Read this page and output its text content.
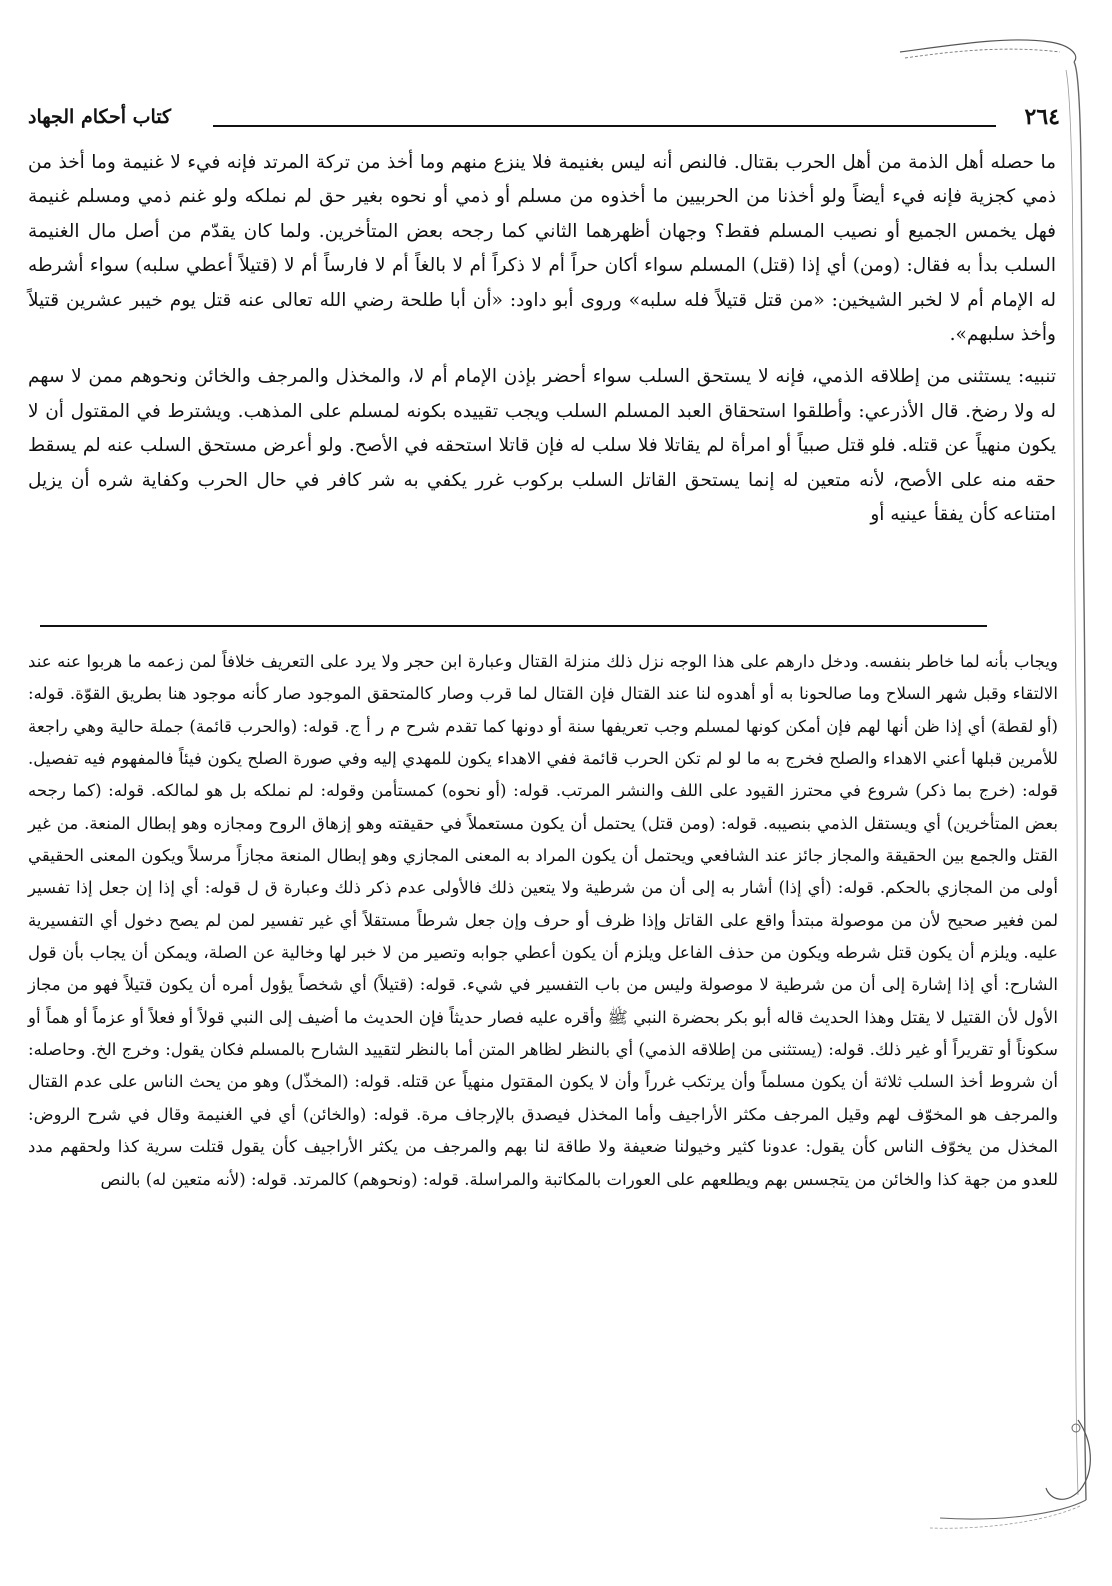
٢٦٤
كتاب أحكام الجهاد

ما حصله أهل الذمة من أهل الحرب بقتال. فالنص أنه ليس بغنيمة فلا ينزع منهم وما أخذ من تركة المرتد فإنه فيء لا غنيمة وما أخذ من ذمي كجزية فإنه فيء أيضاً ولو أخذنا من الحربيين ما أخذوه من مسلم أو ذمي أو نحوه بغير حق لم نملكه ولو غنم ذمي ومسلم غنيمة فهل يخمس الجميع أو نصيب المسلم فقط؟ وجهان أظهرهما الثاني كما رجحه بعض المتأخرين. ولما كان يقدّم من أصل مال الغنيمة السلب بدأ به فقال: (ومن) أي إذا (قتل) المسلم سواء أكان حراً أم لا ذكراً أم لا بالغاً أم لا فارساً أم لا (قتيلاً أعطي سلبه) سواء أشرطه له الإمام أم لا لخبر الشيخين: «من قتل قتيلاً فله سلبه» وروى أبو داود: «أن أبا طلحة رضي الله تعالى عنه قتل يوم خيبر عشرين قتيلاً وأخذ سلبهم».

تنبيه: يستثنى من إطلاقه الذمي، فإنه لا يستحق السلب سواء أحضر بإذن الإمام أم لا، والمخذل والمرجف والخائن ونحوهم ممن لا سهم له ولا رضخ. قال الأذرعي: وأطلقوا استحقاق العبد المسلم السلب ويجب تقييده بكونه لمسلم على المذهب. ويشترط في المقتول أن لا يكون منهياً عن قتله. فلو قتل صبياً أو امرأة لم يقاتلا فلا سلب له فإن قاتلا استحقه في الأصح. ولو أعرض مستحق السلب عنه لم يسقط حقه منه على الأصح، لأنه متعين له إنما يستحق القاتل السلب بركوب غرر يكفي به شر كافر في حال الحرب وكفاية شره أن يزيل امتناعه كأن يفقأ عينيه أو

ويجاب بأنه لما خاطر بنفسه. ودخل دارهم على هذا الوجه نزل ذلك منزلة القتال وعبارة ابن حجر ولا يرد على التعريف خلافاً لمن زعمه ما هربوا عنه عند الالتقاء وقبل شهر السلاح وما صالحونا به أو أهدوه لنا عند القتال فإن القتال لما قرب وصار كالمتحقق الموجود صار كأنه موجود هنا بطريق القوّة. قوله: (أو لقطة) أي إذا ظن أنها لهم فإن أمكن كونها لمسلم وجب تعريفها سنة أو دونها كما تقدم شرح م ر أ ج. قوله: (والحرب قائمة) جملة حالية وهي راجعة للأمرين قبلها أعني الاهداء والصلح فخرج به ما لو لم تكن الحرب قائمة ففي الاهداء يكون للمهدي إليه وفي صورة الصلح يكون فيئاً فالمفهوم فيه تفصيل. قوله: (خرج بما ذكر) شروع في محترز القيود على اللف والنشر المرتب. قوله: (أو نحوه) كمستأمن وقوله: لم نملكه بل هو لمالكه. قوله: (كما رجحه بعض المتأخرين) أي ويستقل الذمي بنصيبه. قوله: (ومن قتل) يحتمل أن يكون مستعملاً في حقيقته وهو إزهاق الروح ومجازه وهو إبطال المنعة. من غير القتل والجمع بين الحقيقة والمجاز جائز عند الشافعي ويحتمل أن يكون المراد به المعنى المجازي وهو إبطال المنعة مجازاً مرسلاً ويكون المعنى الحقيقي أولى من المجازي بالحكم. قوله: (أي إذا) أشار به إلى أن من شرطية ولا يتعين ذلك فالأولى عدم ذكر ذلك وعبارة ق ل قوله: أي إذا إن جعل إذا تفسير لمن فغير صحيح لأن من موصولة مبتدأ واقع على القاتل وإذا ظرف أو حرف وإن جعل شرطاً مستقلاً أي غير تفسير لمن لم يصح دخول أي التفسيرية عليه. ويلزم أن يكون قتل شرطه ويكون من حذف الفاعل ويلزم أن يكون أعطي جوابه وتصير من لا خبر لها وخالية عن الصلة، ويمكن أن يجاب بأن قول الشارح: أي إذا إشارة إلى أن من شرطية لا موصولة وليس من باب التفسير في شيء. قوله: (قتيلاً) أي شخصاً يؤول أمره أن يكون قتيلاً فهو من مجاز الأول لأن القتيل لا يقتل وهذا الحديث قاله أبو بكر بحضرة النبي ﷺ وأقره عليه فصار حديثاً فإن الحديث ما أضيف إلى النبي قولاً أو فعلاً أو عزماً أو هماً أو سكوناً أو تقريراً أو غير ذلك. قوله: (يستثنى من إطلاقه الذمي) أي بالنظر لظاهر المتن أما بالنظر لتقييد الشارح بالمسلم فكان يقول: وخرج الخ. وحاصله: أن شروط أخذ السلب ثلاثة أن يكون مسلماً وأن يرتكب غرراً وأن لا يكون المقتول منهياً عن قتله. قوله: (المخذّل) وهو من يحث الناس على عدم القتال والمرجف هو المخوّف لهم وقيل المرجف مكثر الأراجيف وأما المخذل فيصدق بالإرجاف مرة. قوله: (والخائن) أي في الغنيمة وقال في شرح الروض: المخذل من يخوّف الناس كأن يقول: عدونا كثير وخيولنا ضعيفة ولا طاقة لنا بهم والمرجف من يكثر الأراجيف كأن يقول قتلت سرية كذا ولحقهم مدد للعدو من جهة كذا والخائن من يتجسس بهم ويطلعهم على العورات بالمكاتبة والمراسلة. قوله: (ونحوهم) كالمرتد. قوله: (لأنه متعين له) بالنص
